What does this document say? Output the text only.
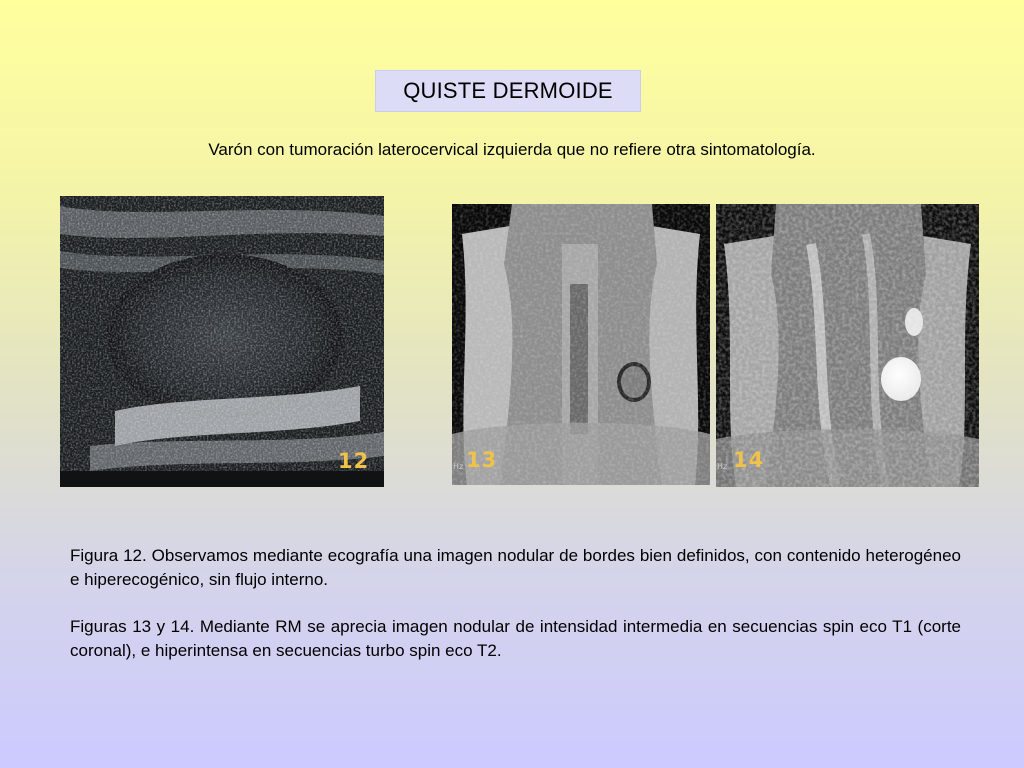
QUISTE DERMOIDE
Varón con tumoración laterocervical izquierda que no refiere otra sintomatología.
12	Hz 13	Hz 14

Figura 12. Observamos mediante ecografía una imagen nodular de bordes bien definidos, con contenido heterogéneo e hiperecogénico, sin flujo interno.

Figuras 13 y 14. Mediante RM se aprecia imagen nodular de intensidad intermedia en secuencias spin eco T1 (corte coronal), e hiperintensa en secuencias turbo spin eco T2.
